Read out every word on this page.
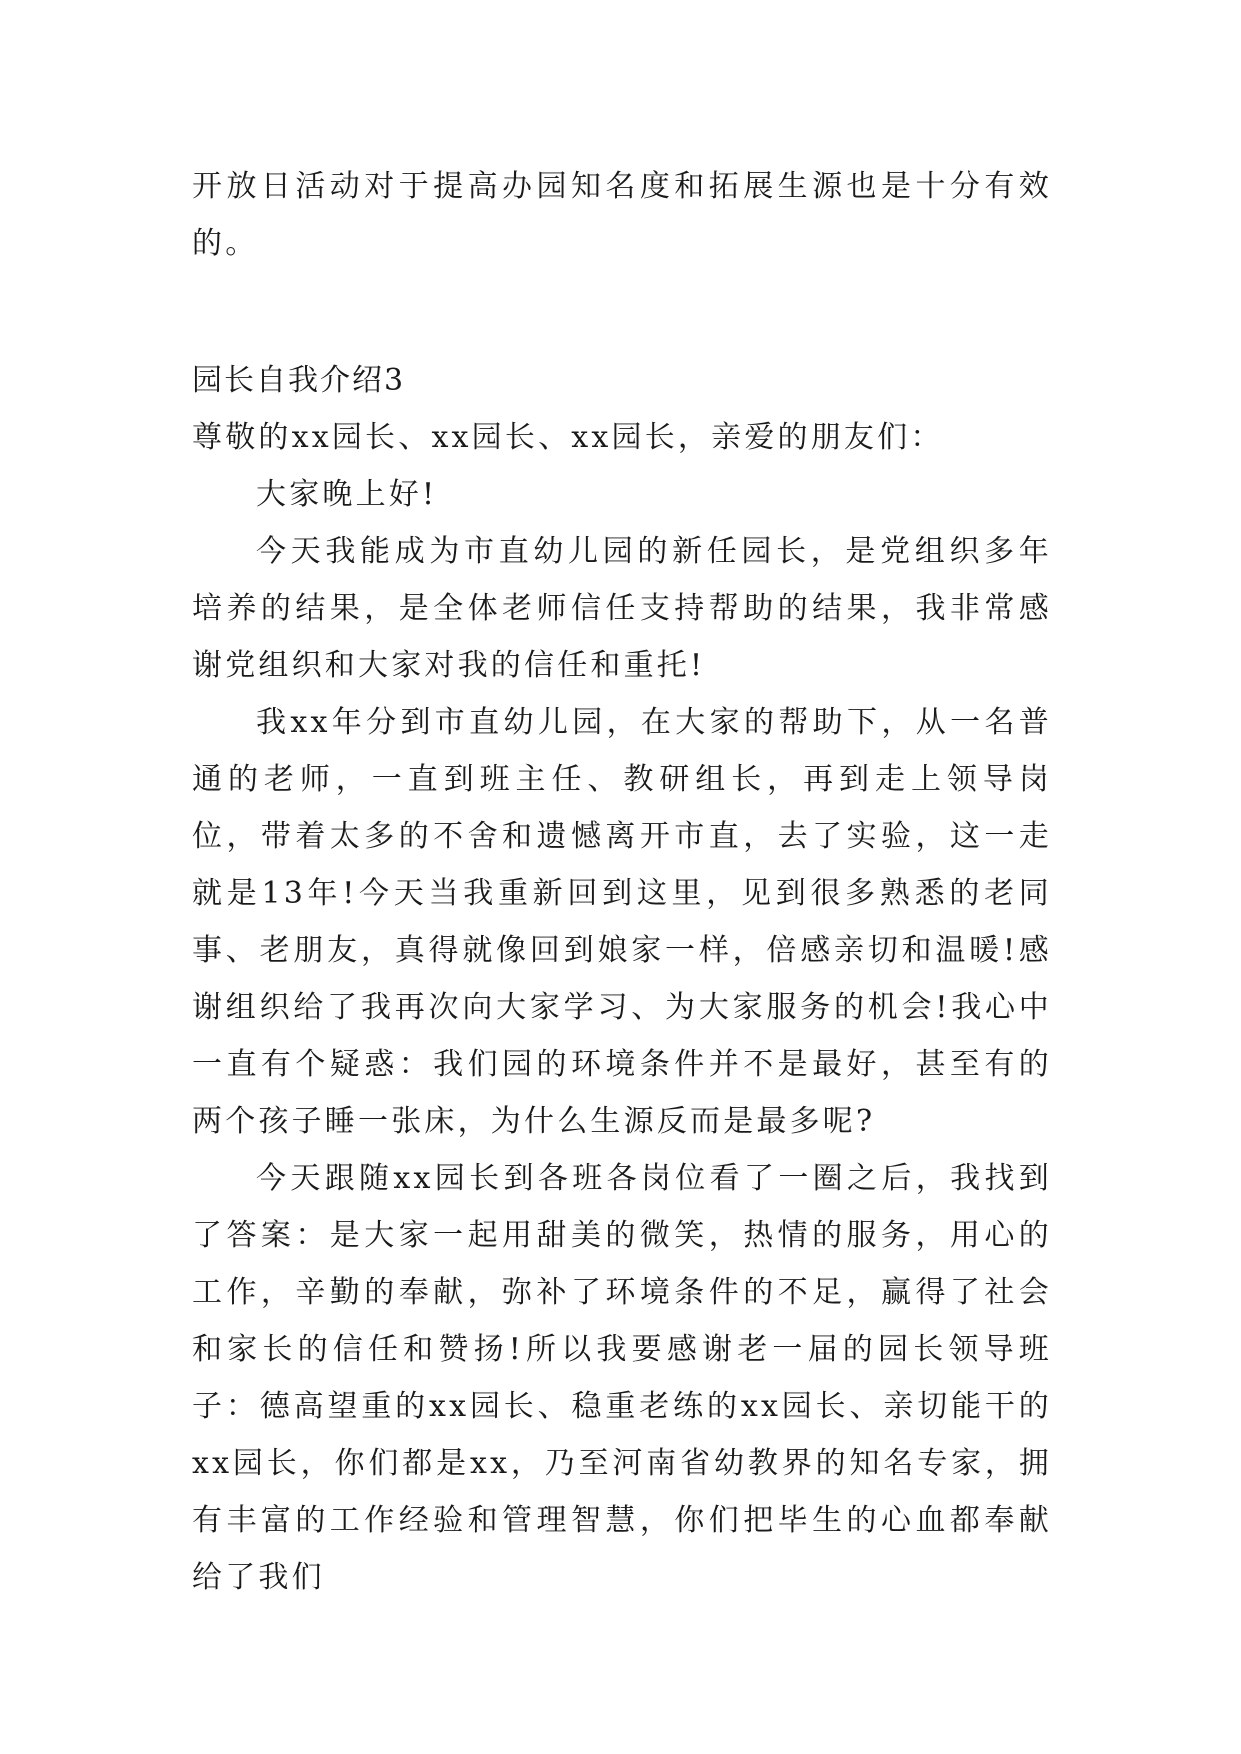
开放日活动对于提高办园知名度和拓展生源也是十分有效的。

园长自我介绍3

尊敬的xx园长、xx园长、xx园长，亲爱的朋友们：

大家晚上好!

今天我能成为市直幼儿园的新任园长，是党组织多年培养的结果，是全体老师信任支持帮助的结果，我非常感谢党组织和大家对我的信任和重托!

我xx年分到市直幼儿园，在大家的帮助下，从一名普通的老师，一直到班主任、教研组长，再到走上领导岗位，带着太多的不舍和遗憾离开市直，去了实验，这一走就是13年!今天当我重新回到这里，见到很多熟悉的老同事、老朋友，真得就像回到娘家一样，倍感亲切和温暖!感谢组织给了我再次向大家学习、为大家服务的机会!我心中一直有个疑惑：我们园的环境条件并不是最好，甚至有的两个孩子睡一张床，为什么生源反而是最多呢?

今天跟随xx园长到各班各岗位看了一圈之后，我找到了答案：是大家一起用甜美的微笑，热情的服务，用心的工作，辛勤的奉献，弥补了环境条件的不足，赢得了社会和家长的信任和赞扬!所以我要感谢老一届的园长领导班子：德高望重的xx园长、稳重老练的xx园长、亲切能干的xx园长，你们都是xx，乃至河南省幼教界的知名专家，拥有丰富的工作经验和管理智慧，你们把毕生的心血都奉献给了我们
